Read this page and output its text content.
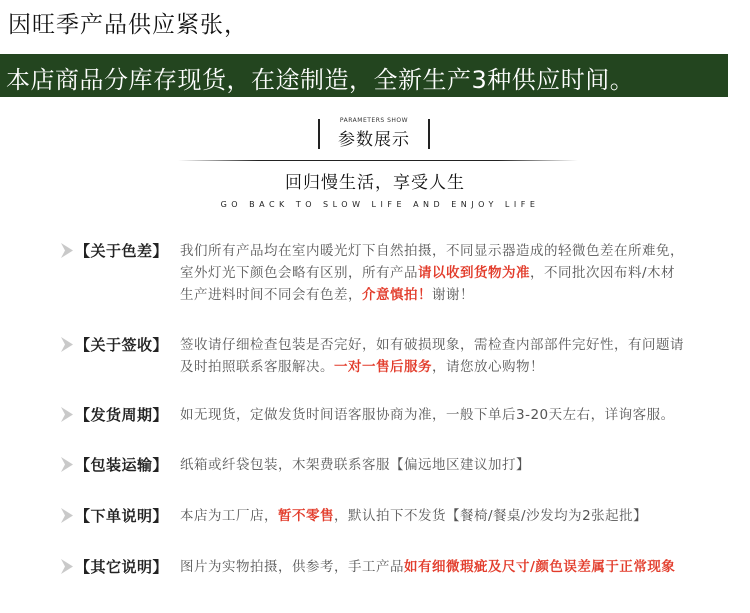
因旺季产品供应紧张，
本店商品分库存现货，在途制造，全新生产3种供应时间。
PARAMETERS SHOW
参数展示
回归慢生活，享受人生
GO BACK TO SLOW LIFE AND ENJOY LIFE
【关于色差】 我们所有产品均在室内暖光灯下自然拍摄，不同显示器造成的轻微色差在所难免，室外灯光下颜色会略有区别，所有产品请以收到货物为准，不同批次因布料/木材生产进料时间不同会有色差，介意慎拍！谢谢！
【关于签收】 签收请仔细检查包装是否完好，如有破损现象，需检查内部部件完好性，有问题请及时拍照联系客服解决。一对一售后服务，请您放心购物！
【发货周期】 如无现货，定做发货时间语客服协商为准，一般下单后3-20天左右，详询客服。
【包装运输】 纸箱或纤袋包装，木架费联系客服【偏远地区建议加打】
【下单说明】 本店为工厂店，暂不零售，默认拍下不发货【餐椅/餐桌/沙发均为2张起批】
【其它说明】 图片为实物拍摄，供参考，手工产品如有细微瑕疵及尺寸/颜色误差属于正常现象
